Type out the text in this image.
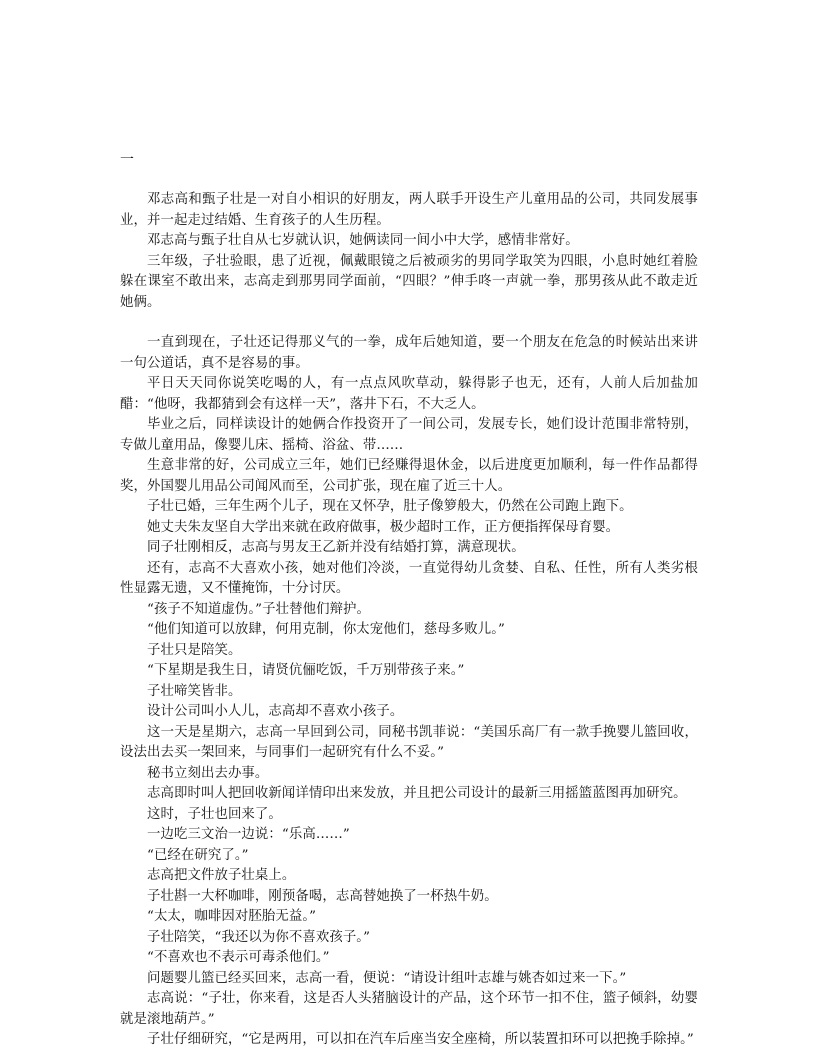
一

邓志高和甄子壮是一对自小相识的好朋友，两人联手开设生产儿童用品的公司，共同发展事业，并一起走过结婚、生育孩子的人生历程。

邓志高与甄子壮自从七岁就认识，她俩读同一间小中大学，感情非常好。

三年级，子壮验眼，患了近视，佩戴眼镜之后被顽劣的男同学取笑为四眼，小息时她红着脸躲在课室不敢出来，志高走到那男同学面前，“四眼？”伸手咚一声就一拳，那男孩从此不敢走近她俩。

一直到现在，子壮还记得那义气的一拳，成年后她知道，要一个朋友在危急的时候站出来讲一句公道话，真不是容易的事。

平日天天同你说笑吃喝的人，有一点点风吹草动，躲得影子也无，还有，人前人后加盐加醋：“他呀，我都猜到会有这样一天”，落井下石，不大乏人。

毕业之后，同样读设计的她俩合作投资开了一间公司，发展专长，她们设计范围非常特别，专做儿童用品，像婴儿床、摇椅、浴盆、带……

生意非常的好，公司成立三年，她们已经赚得退休金，以后进度更加顺利，每一件作品都得奖，外国婴儿用品公司闻风而至，公司扩张，现在雇了近三十人。

子壮已婚，三年生两个儿子，现在又怀孕，肚子像箩般大，仍然在公司跑上跑下。

她丈夫朱友坚自大学出来就在政府做事，极少超时工作，正方便指挥保母育婴。

同子壮刚相反，志高与男友王乙新并没有结婚打算，满意现状。

还有，志高不大喜欢小孩，她对他们冷淡，一直觉得幼儿贪婪、自私、任性，所有人类劣根性显露无遗，又不懂掩饰，十分讨厌。

“孩子不知道虚伪。”子壮替他们辩护。

“他们知道可以放肆，何用克制，你太宠他们，慈母多败儿。”

子壮只是陪笑。

“下星期是我生日，请贤伉俪吃饭，千万别带孩子来。”

子壮啼笑皆非。

设计公司叫小人儿，志高却不喜欢小孩子。

这一天是星期六，志高一早回到公司，同秘书凯菲说：“美国乐高厂有一款手挽婴儿篮回收，设法出去买一架回来，与同事们一起研究有什么不妥。”

秘书立刻出去办事。

志高即时叫人把回收新闻详情印出来发放，并且把公司设计的最新三用摇篮蓝图再加研究。

这时，子壮也回来了。

一边吃三文治一边说：“乐高……”

“已经在研究了。”

志高把文件放子壮桌上。

子壮斟一大杯咖啡，刚预备喝，志高替她换了一杯热牛奶。

“太太，咖啡因对胚胎无益。”

子壮陪笑，“我还以为你不喜欢孩子。”

“不喜欢也不表示可毒杀他们。”

问题婴儿篮已经买回来，志高一看，便说：“请设计组叶志雄与姚杏如过来一下。”

志高说：“子壮，你来看，这是否人头猪脑设计的产品，这个环节一扣不住，篮子倾斜，幼婴就是滚地葫芦。”

子壮仔细研究，“它是两用，可以扣在汽车后座当安全座椅，所以装置扣环可以把挽手除掉。”
